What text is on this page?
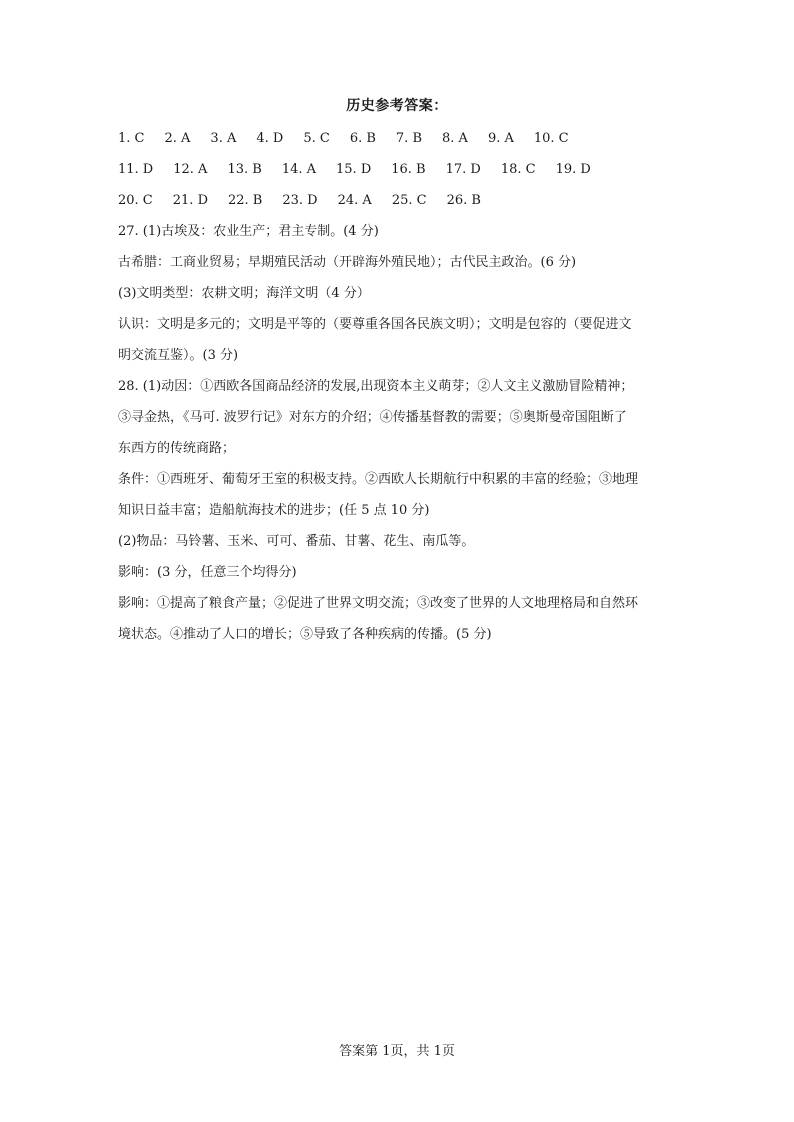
历史参考答案：
1. C 2. A 3. A 4. D 5. C 6. B 7. B 8. A 9. A 10. C
11. D 12. A 13. B 14. A 15. D 16. B 17. D 18. C 19. D
20. C 21. D 22. B 23. D 24. A 25. C 26. B
27. (1)古埃及：农业生产；君主专制。(4 分)
古希腊：工商业贸易；早期殖民活动（开辟海外殖民地）；古代民主政治。(6 分)
(3)文明类型：农耕文明；海洋文明（4 分）
认识：文明是多元的；文明是平等的（要尊重各国各民族文明）；文明是包容的（要促进文
明交流互鉴）。(3 分)
28. (1)动因：①西欧各国商品经济的发展,出现资本主义萌芽；②人文主义激励冒险精神；
③寻金热，《马可. 波罗行记》对东方的介绍；④传播基督教的需要；⑤奥斯曼帝国阻断了
东西方的传统商路；
条件：①西班牙、葡萄牙王室的积极支持。②西欧人长期航行中积累的丰富的经验；③地理
知识日益丰富；造船航海技术的进步；(任 5 点 10 分)
(2)物品：马铃薯、玉米、可可、番茄、甘薯、花生、南瓜等。
影响：(3 分，任意三个均得分)
影响：①提高了粮食产量；②促进了世界文明交流；③改变了世界的人文地理格局和自然环
境状态。④推动了人口的增长；⑤导致了各种疾病的传播。(5 分)
答案第 1页，共 1页
